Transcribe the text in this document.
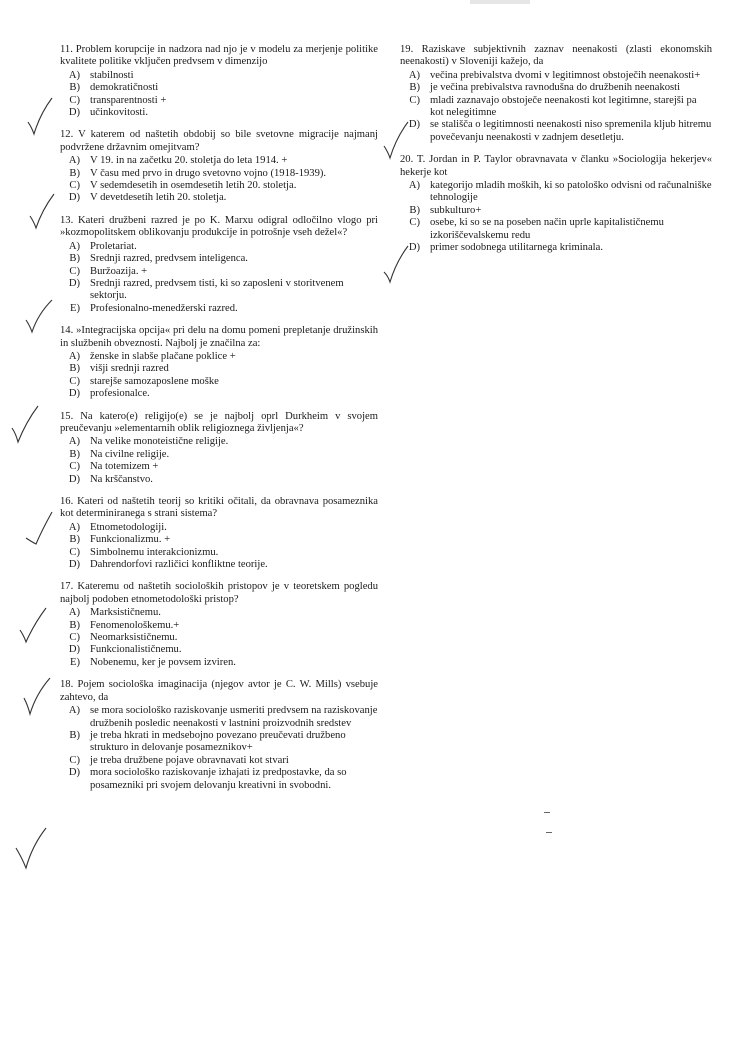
11. Problem korupcije in nadzora nad njo je v modelu za merjenje politike kvalitete politike vključen predvsem v dimenzijo
A) stabilnosti
B) demokratičnosti
C) transparentnosti +
D) učinkovitosti.
12. V katerem od naštetih obdobij so bile svetovne migracije najmanj podvržene državnim omejitvam?
A) V 19. in na začetku 20. stoletja do leta 1914. +
B) V času med prvo in drugo svetovno vojno (1918-1939).
C) V sedemdesetih in osemdesetih letih 20. stoletja.
D) V devetdesetih letih 20. stoletja.
13. Kateri družbeni razred je po K. Marxu odigral odločilno vlogo pri »kozmopolitskem oblikovanju produkcije in potrošnje vseh dežel«?
A) Proletariat.
B) Srednji razred, predvsem inteligenca.
C) Buržoazija. +
D) Srednji razred, predvsem tisti, ki so zaposleni v storitvenem sektorju.
E) Profesionalno-menedžerski razred.
14. »Integracijska opcija« pri delu na domu pomeni prepletanje družinskih in službenih obveznosti. Najbolj je značilna za:
A) ženske in slabše plačane poklice +
B) višji srednji razred
C) starejše samozaposlene moške
D) profesionalce.
15. Na katero(e) religijo(e) se je najbolj oprl Durkheim v svojem preučevanju »elementarnih oblik religioznega življenja«?
A) Na velike monoteistične religije.
B) Na civilne religije.
C) Na totemizem +
D) Na krščanstvo.
16. Kateri od naštetih teorij so kritiki očitali, da obravnava posameznika kot determiniranega s strani sistema?
A) Etnometodologiji.
B) Funkcionalizmu. +
C) Simbolnemu interakcionizmu.
D) Dahrendorfovi različici konfliktne teorije.
17. Kateremu od naštetih socioloških pristopov je v teoretskem pogledu najbolj podoben etnometodološki pristop?
A) Marksističnemu.
B) Fenomenološkemu.+
C) Neomarksističnemu.
D) Funkcionalističnemu.
E) Nobenemu, ker je povsem izviren.
18. Pojem sociološka imaginacija (njegov avtor je C. W. Mills) vsebuje zahtevo, da
A) se mora sociološko raziskovanje usmeriti predvsem na raziskovanje družbenih posledic neenakosti v lastnini proizvodnih sredstev
B) je treba hkrati in medsebojno povezano preučevati družbeno strukturo in delovanje posameznikov+
C) je treba družbene pojave obravnavati kot stvari
D) mora sociološko raziskovanje izhajati iz predpostavke, da so posamezniki pri svojem delovanju kreativni in svobodni.
19. Raziskave subjektivnih zaznav neenakosti (zlasti ekonomskih neenakosti) v Sloveniji kažejo, da
A) večina prebivalstva dvomi v legitimnost obstoječih neenakosti+
B) je večina prebivalstva ravnodušna do družbenih neenakosti
C) mladi zaznavajo obstoječe neenakosti kot legitimne, starejši pa kot nelegitimne
D) se stališča o legitimnosti neenakosti niso spremenila kljub hitremu povečevanju neenakosti v zadnjem desetletju.
20. T. Jordan in P. Taylor obravnavata v članku »Sociologija hekerjev« hekerje kot
A) kategorijo mladih moških, ki so patološko odvisni od računalniške tehnologije
B) subkulturo+
C) osebe, ki so se na poseben način uprle kapitalističnemu izkoriščevalskemu redu
D) primer sodobnega utilitarnega kriminala.
